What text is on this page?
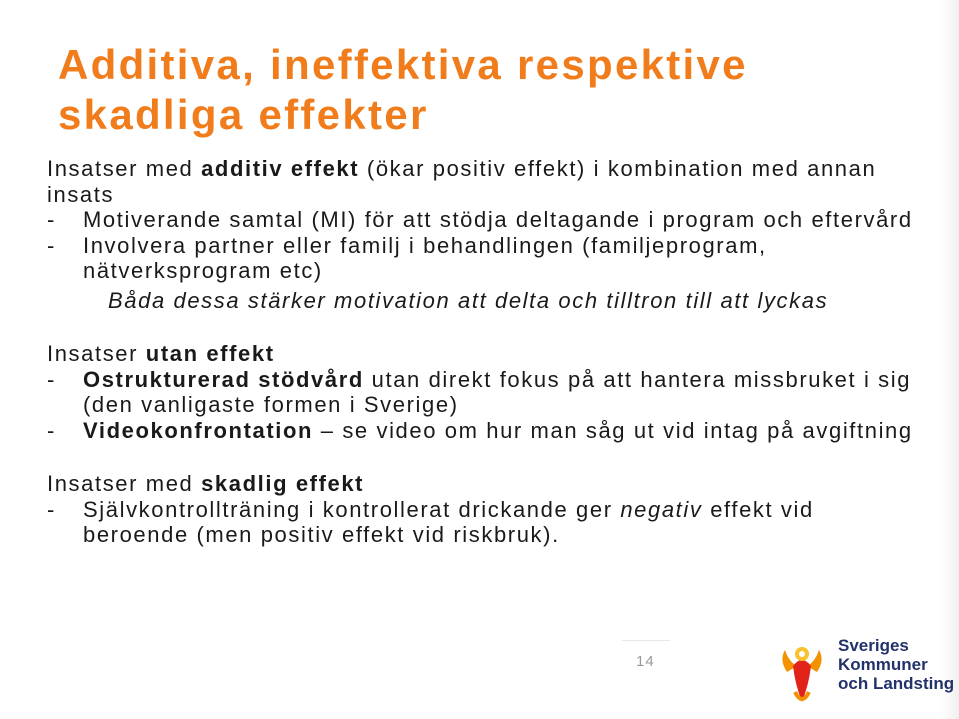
Additiva, ineffektiva respektive skadliga effekter

Insatser med additiv effekt (ökar positiv effekt) i kombination med annan insats

- Motiverande samtal (MI) för att stödja deltagande i program och eftervård

- Involvera partner eller familj i behandlingen (familjeprogram, nätverksprogram etc)

Båda dessa stärker motivation att delta och tilltron till att lyckas

Insatser utan effekt

- Ostrukturerad stödvård utan direkt fokus på att hantera missbruket i sig (den vanligaste formen i Sverige)

- Videokonfrontation – se video om hur man såg ut vid intag på avgiftning

Insatser med skadlig effekt

- Självkontrollträning i kontrollerat drickande ger negativ effekt vid beroende (men positiv effekt vid riskbruk).

14
Sveriges
Kommuner
och Landsting
